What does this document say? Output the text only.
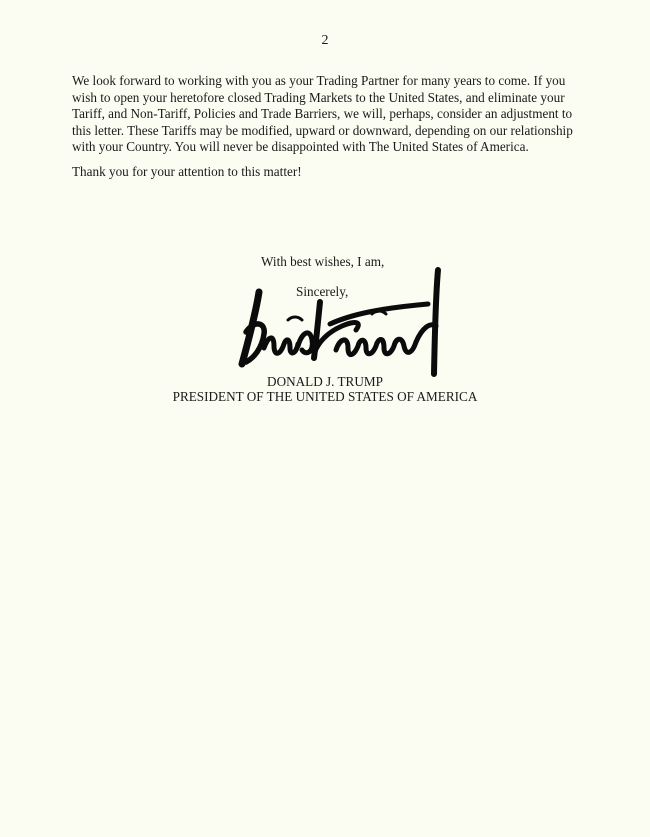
2

We look forward to working with you as your Trading Partner for many years to come. If you
wish to open your heretofore closed Trading Markets to the United States, and eliminate your
Tariff, and Non-Tariff, Policies and Trade Barriers, we will, perhaps, consider an adjustment to
this letter. These Tariffs may be modified, upward or downward, depending on our relationship
with your Country. You will never be disappointed with The United States of America.

Thank you for your attention to this matter!

With best wishes, I am,
Sincerely,
DONALD J. TRUMP
PRESIDENT OF THE UNITED STATES OF AMERICA
